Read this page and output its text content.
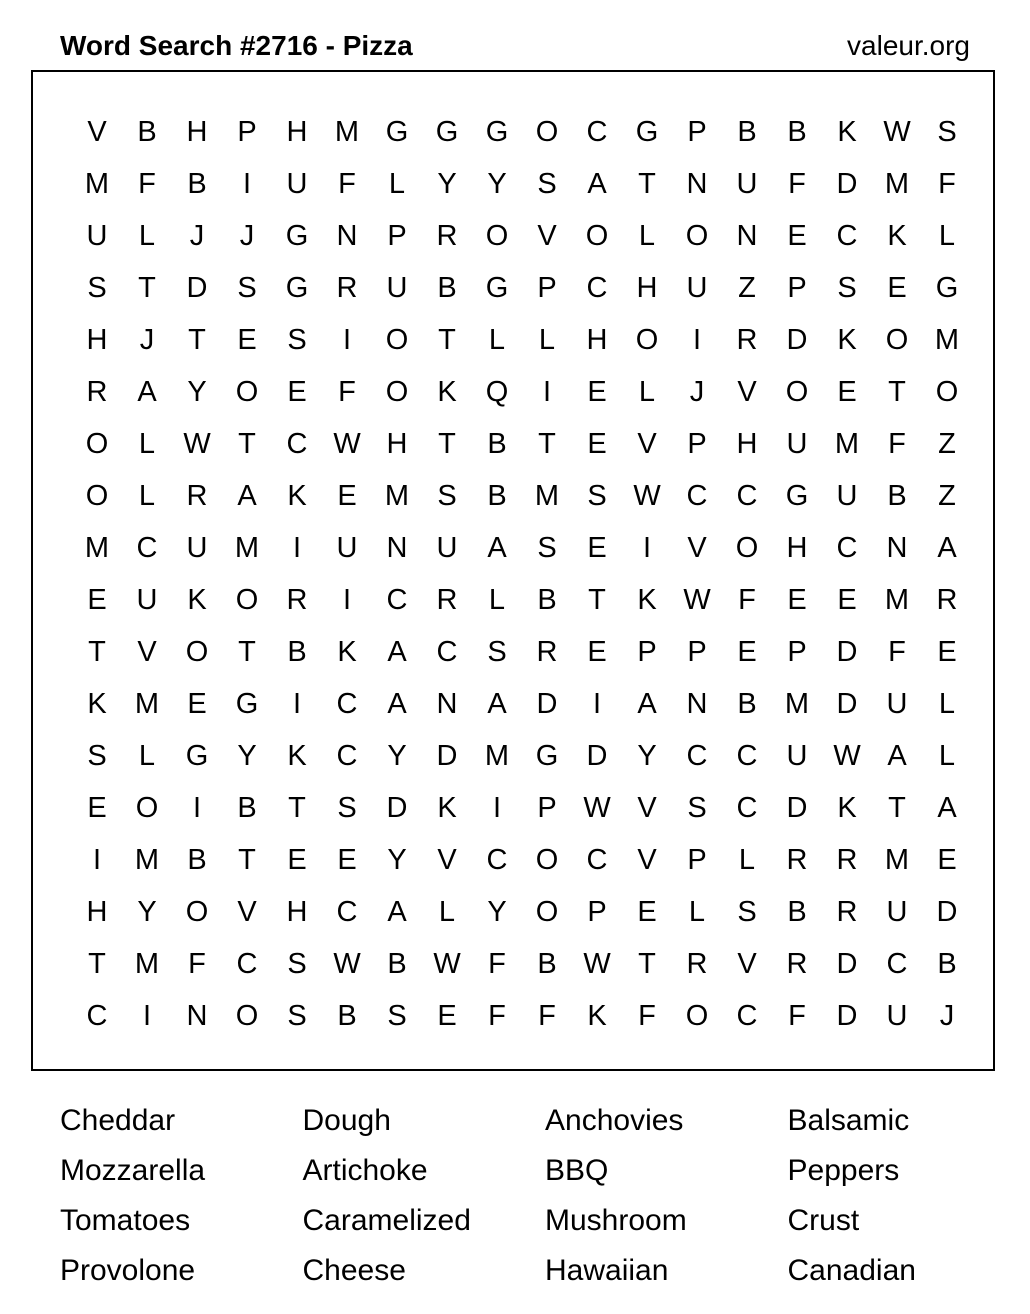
Word Search #2716 - Pizza	valeur.org
V	B	H	P	H M G G G O C G	P	B	B	K W S
M	F	B	I	U	F	L	Y	Y	S	A	T	N	U	F	D M	F
U	L	J	J	G N	P	R O	V	O	L	O N	E	C	K	L
S	T	D	S	G R	U	B	G	P	C	H	U	Z	P	S	E	G
H	J	T	E	S	I	O	T	L	L	H O	I	R	D	K	O M
R	A	Y	O	E	F	O	K	Q	I	E	L	J	V	O	E	T	O
O	L W T	C W H	T	B	T	E	V	P	H	U M	F	Z
O	L	R	A	K	E M S	B M S W C	C G U	B	Z
M C	U M	I	U	N	U	A	S	E	I	V	O H	C	N	A
E	U	K	O R	I	C	R	L	B	T	K W F	E	E M R
T	V	O	T	B	K	A	C	S	R	E	P	P	E	P	D	F	E
K M E	G	I	C	A	N	A	D	I	A	N	B M D	U	L
S	L	G	Y	K	C	Y	D M G D	Y	C	C	U W A	L
E	O	I	B	T	S	D	K	I	P W V	S	C	D	K	T	A
I	M B	T	E	E	Y	V	C O C	V	P	L	R	R M E
H	Y	O	V	H	C	A	L	Y	O	P	E	L	S	B	R	U	D
T	M	F	C	S W B W F	B W T	R	V	R	D	C	B
C	I	N O	S	B	S	E	F	F	K	F	O C	F	D	U	J
Cheddar	Dough	Anchovies	Balsamic
Mozzarella	Artichoke	BBQ	Peppers
Tomatoes	Caramelized	Mushroom	Crust
Provolone	Cheese	Hawaiian	Canadian
